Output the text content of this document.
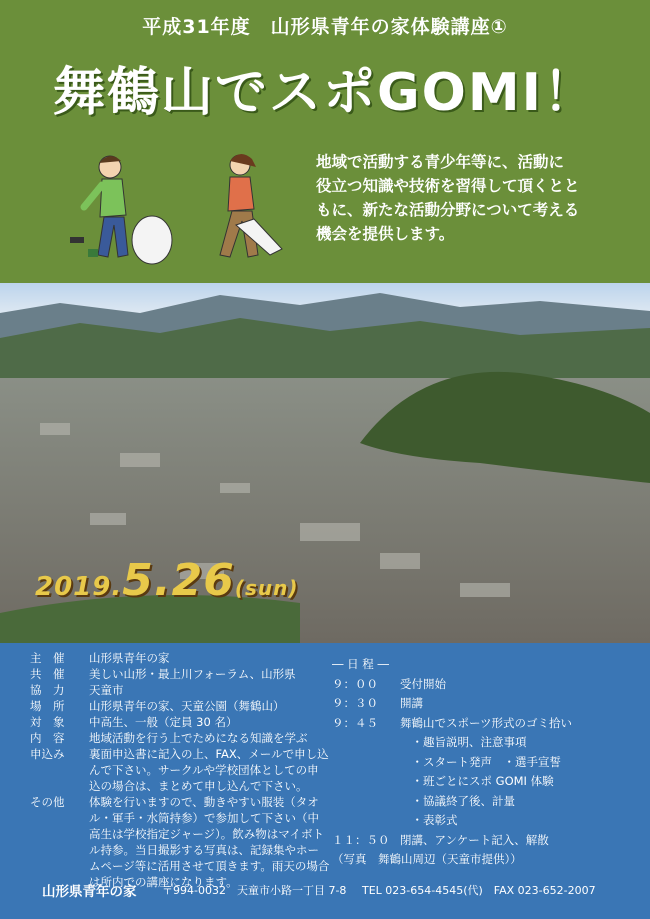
平成31年度　山形県青年の家体験講座①
舞鶴山でスポGOMI！
地域で活動する青少年等に、活動に
役立つ知識や技術を習得して頂くとと
もに、新たな活動分野について考える
機会を提供します。
2019.5.26(sun)
主　催	山形県青年の家
共　催	美しい山形・最上川フォーラム、山形県
協　力	天童市
場　所	山形県青年の家、天童公園（舞鶴山）
対　象	中高生、一般（定員 30 名）
内　容	地域活動を行う上でためになる知識を学ぶ
申込み	裏面申込書に記入の上、FAX、メールで申し込んで下さい。サークルや学校団体としての申込の場合は、まとめて申し込んで下さい。
その他	体験を行いますので、動きやすい服装（タオル・軍手・水筒持参）で参加して下さい（中高生は学校指定ジャージ）。飲み物はマイボトル持参。当日撮影する写真は、記録集やホームページ等に活用させて頂きます。雨天の場合は所内での講座になります。
― 日 程 ―
９：００	受付開始
９：３０	開講
９：４５	舞鶴山でスポーツ形式のゴミ拾い
　・趣旨説明、注意事項
　・スタート発声　・選手宣誓
　・班ごとにスポ GOMI 体験
　・協議終了後、計量
　・表彰式
１１：５０ 閉講、アンケート記入、解散
（写真　舞鶴山周辺（天童市提供））
山形県青年の家 〒994-0032　天童市小路一丁目 7-8 TEL 023-654-4545(代)　FAX 023-652-2007
